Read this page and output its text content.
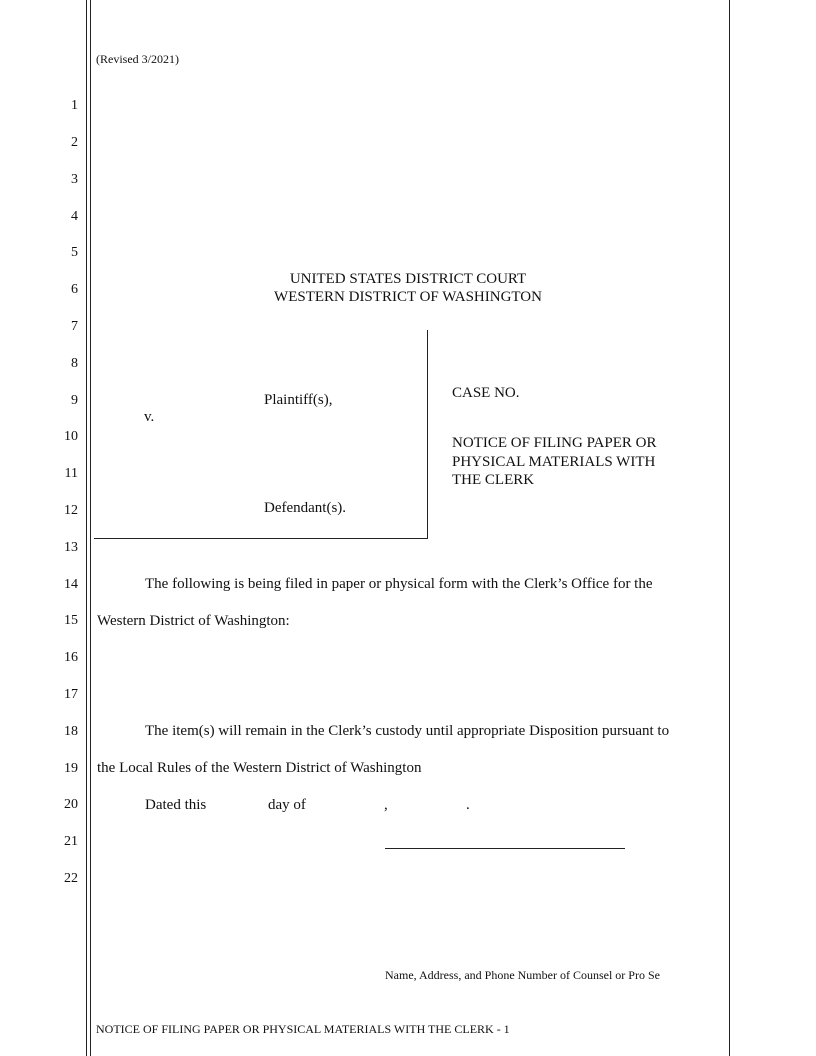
(Revised 3/2021)
1
2
3
4
5
6
7
8
9
10
11
12
13
14
15
16
17
18
19
20
21
22
UNITED STATES DISTRICT COURT
WESTERN DISTRICT OF WASHINGTON
Plaintiff(s),
v.
Defendant(s).
CASE NO.
NOTICE OF FILING PAPER OR
PHYSICAL MATERIALS WITH
THE CLERK
The following is being filed in paper or physical form with the Clerk’s Office for the
Western District of Washington:
The item(s) will remain in the Clerk’s custody until appropriate Disposition pursuant to
the Local Rules of the Western District of Washington
Dated this	day of	,	.
Name, Address, and Phone Number of Counsel or Pro Se
NOTICE OF FILING PAPER OR PHYSICAL MATERIALS WITH THE CLERK - 1
